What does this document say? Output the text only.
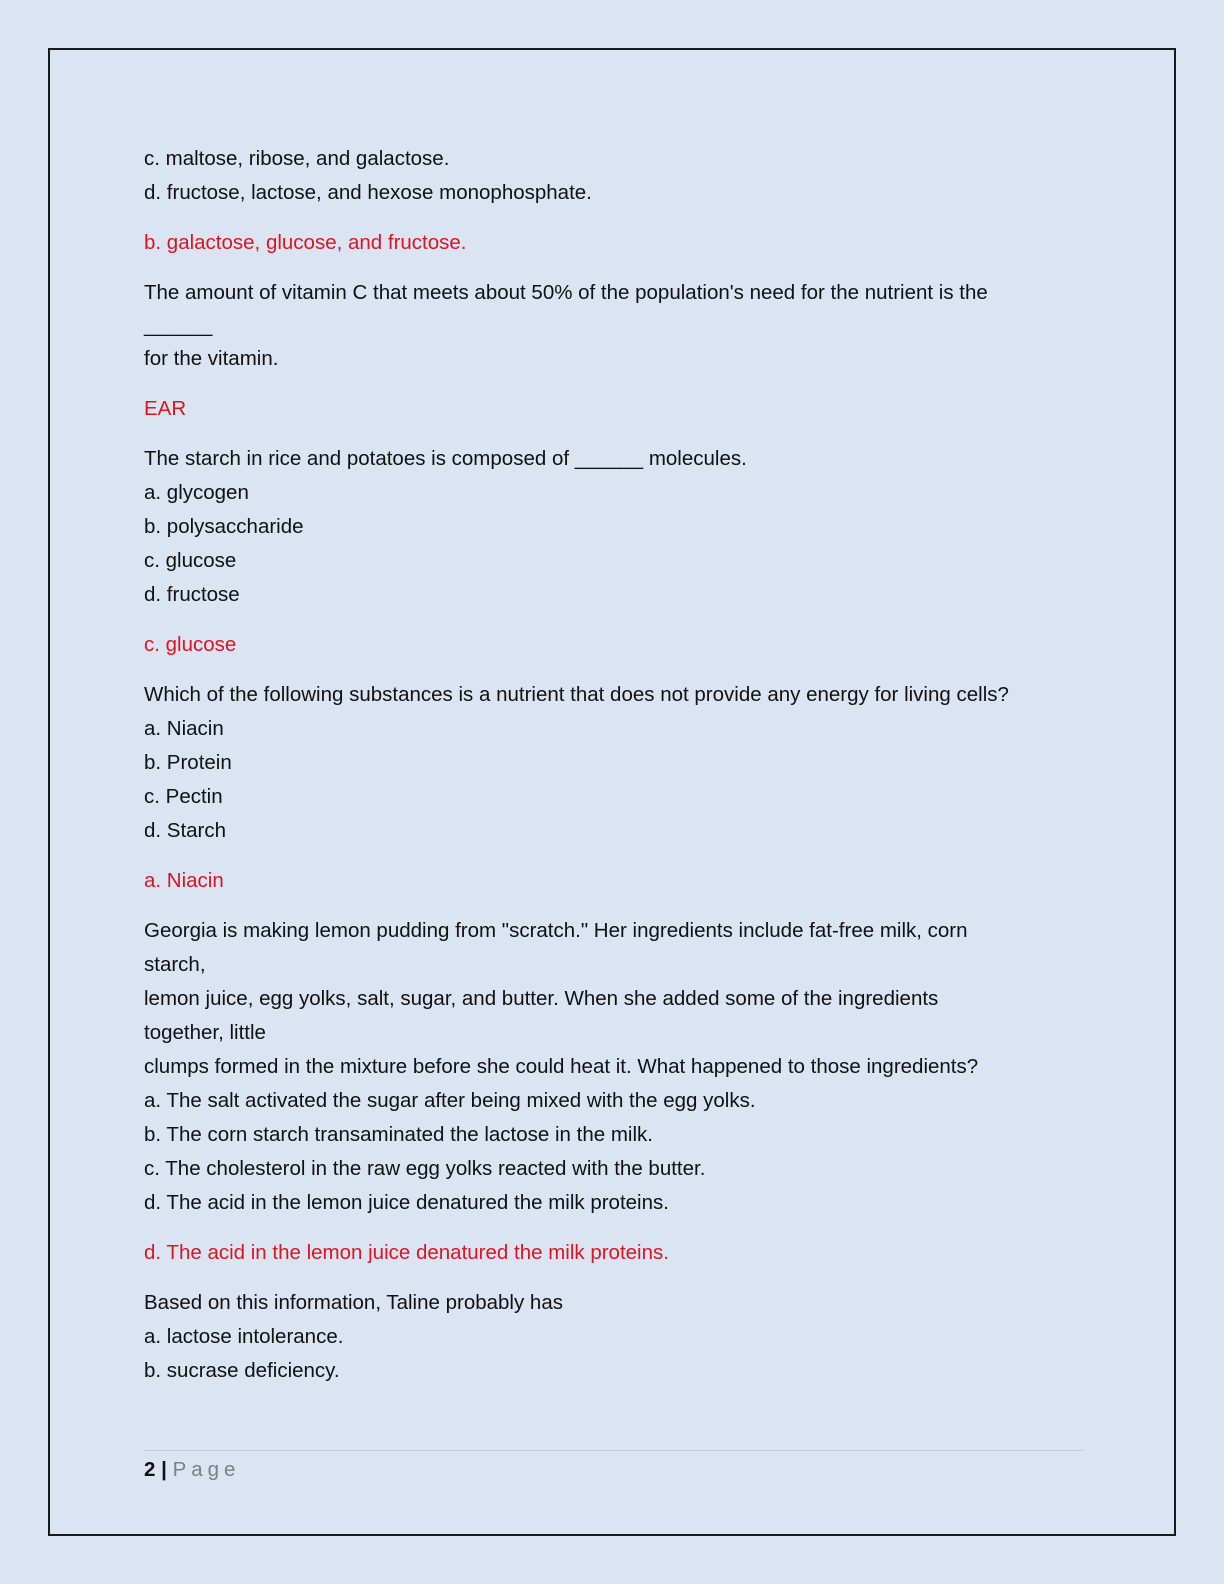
c. maltose, ribose, and galactose.

d. fructose, lactose, and hexose monophosphate.

b. galactose, glucose, and fructose.

The amount of vitamin C that meets about 50% of the population's need for the nutrient is the

______

for the vitamin.

EAR

The starch in rice and potatoes is composed of ______ molecules.

a. glycogen

b. polysaccharide

c. glucose

d. fructose

c. glucose

Which of the following substances is a nutrient that does not provide any energy for living cells?

a. Niacin

b. Protein

c. Pectin

d. Starch

a. Niacin

Georgia is making lemon pudding from "scratch." Her ingredients include fat-free milk, corn

starch,

lemon juice, egg yolks, salt, sugar, and butter. When she added some of the ingredients

together, little

clumps formed in the mixture before she could heat it. What happened to those ingredients?

a. The salt activated the sugar after being mixed with the egg yolks.

b. The corn starch transaminated the lactose in the milk.

c. The cholesterol in the raw egg yolks reacted with the butter.

d. The acid in the lemon juice denatured the milk proteins.

d. The acid in the lemon juice denatured the milk proteins.

Based on this information, Taline probably has

a. lactose intolerance.

b. sucrase deficiency.

2 | Page
